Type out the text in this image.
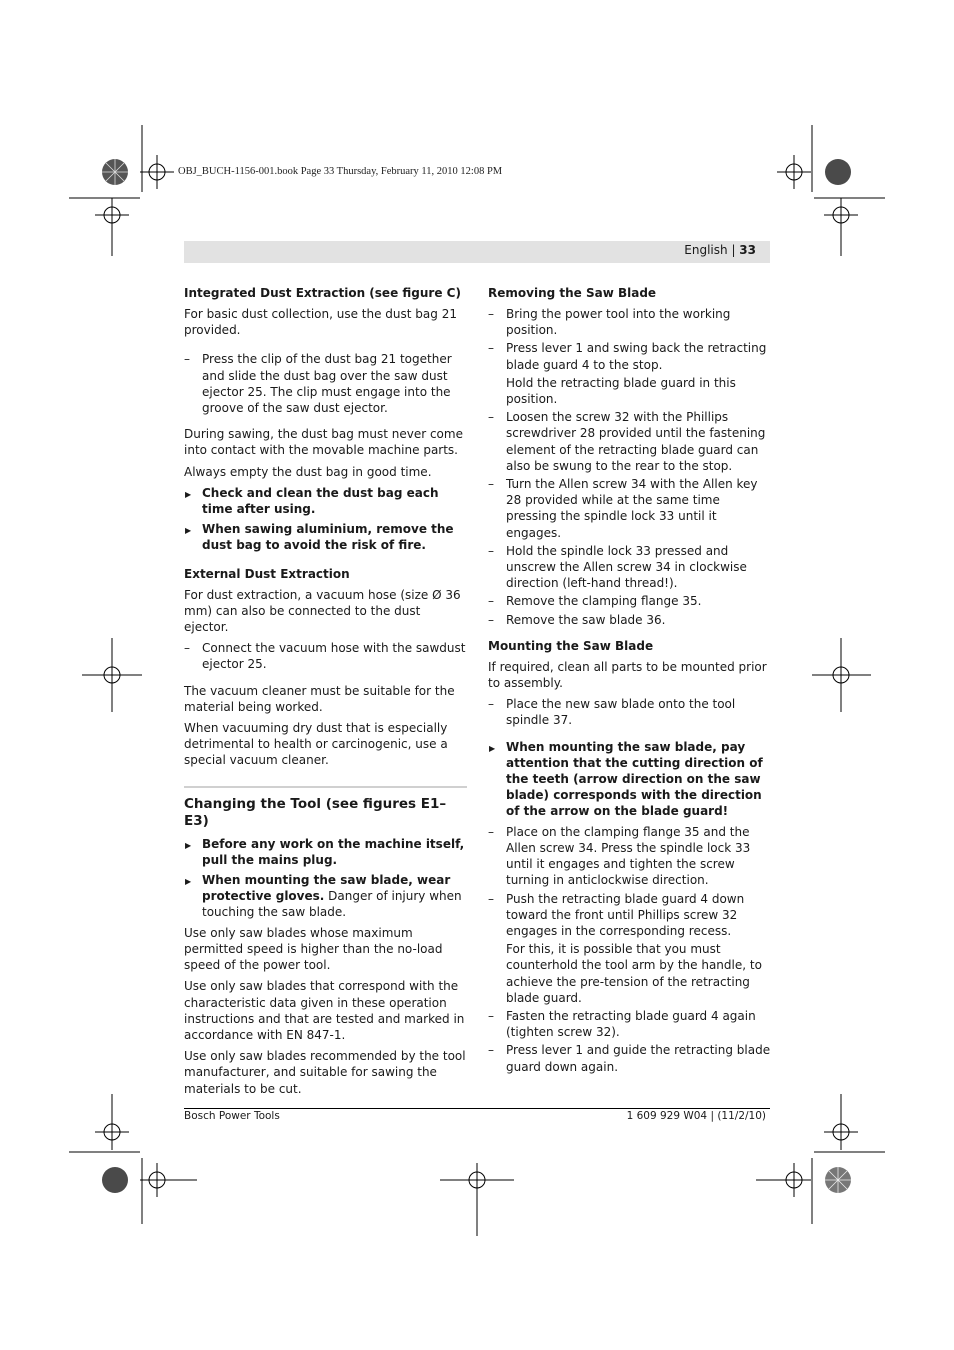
OBJ_BUCH-1156-001.book Page 33 Thursday, February 11, 2010 12:08 PM
English | 33
Integrated Dust Extraction (see figure C)

For basic dust collection, use the dust bag 21 provided.

– Press the clip of the dust bag 21 together and slide the dust bag over the saw dust ejector 25. The clip must engage into the groove of the saw dust ejector.

During sawing, the dust bag must never come into contact with the movable machine parts.

Always empty the dust bag in good time.

▶ Check and clean the dust bag each time after using.
▶ When sawing aluminium, remove the dust bag to avoid the risk of fire.
External Dust Extraction

For dust extraction, a vacuum hose (size Ø 36 mm) can also be connected to the dust ejector.

– Connect the vacuum hose with the sawdust ejector 25.

The vacuum cleaner must be suitable for the material being worked.

When vacuuming dry dust that is especially detrimental to health or carcinogenic, use a special vacuum cleaner.

Changing the Tool (see figures E1–E3)
▶ Before any work on the machine itself, pull the mains plug.
▶ When mounting the saw blade, wear protective gloves. Danger of injury when touching the saw blade.

Use only saw blades whose maximum permitted speed is higher than the no-load speed of the power tool.

Use only saw blades that correspond with the characteristic data given in these operation instructions and that are tested and marked in accordance with EN 847-1.

Use only saw blades recommended by the tool manufacturer, and suitable for sawing the materials to be cut.

Removing the Saw Blade
– Bring the power tool into the working position.
– Press lever 1 and swing back the retracting blade guard 4 to the stop.
Hold the retracting blade guard in this position.
– Loosen the screw 32 with the Phillips screwdriver 28 provided until the fastening element of the retracting blade guard can also be swung to the rear to the stop.
– Turn the Allen screw 34 with the Allen key 28 provided while at the same time pressing the spindle lock 33 until it engages.
– Hold the spindle lock 33 pressed and unscrew the Allen screw 34 in clockwise direction (left-hand thread!).
– Remove the clamping flange 35.
– Remove the saw blade 36.
Mounting the Saw Blade

If required, clean all parts to be mounted prior to assembly.

– Place the new saw blade onto the tool spindle 37.
▶ When mounting the saw blade, pay attention that the cutting direction of the teeth (arrow direction on the saw blade) corresponds with the direction of the arrow on the blade guard!
– Place on the clamping flange 35 and the Allen screw 34. Press the spindle lock 33 until it engages and tighten the screw turning in anticlockwise direction.
– Push the retracting blade guard 4 down toward the front until Phillips screw 32 engages in the corresponding recess.
For this, it is possible that you must counterhold the tool arm by the handle, to achieve the pre-tension of the retracting blade guard.
– Fasten the retracting blade guard 4 again (tighten screw 32).
– Press lever 1 and guide the retracting blade guard down again.
Bosch Power Tools	1 609 929 W04 | (11/2/10)
